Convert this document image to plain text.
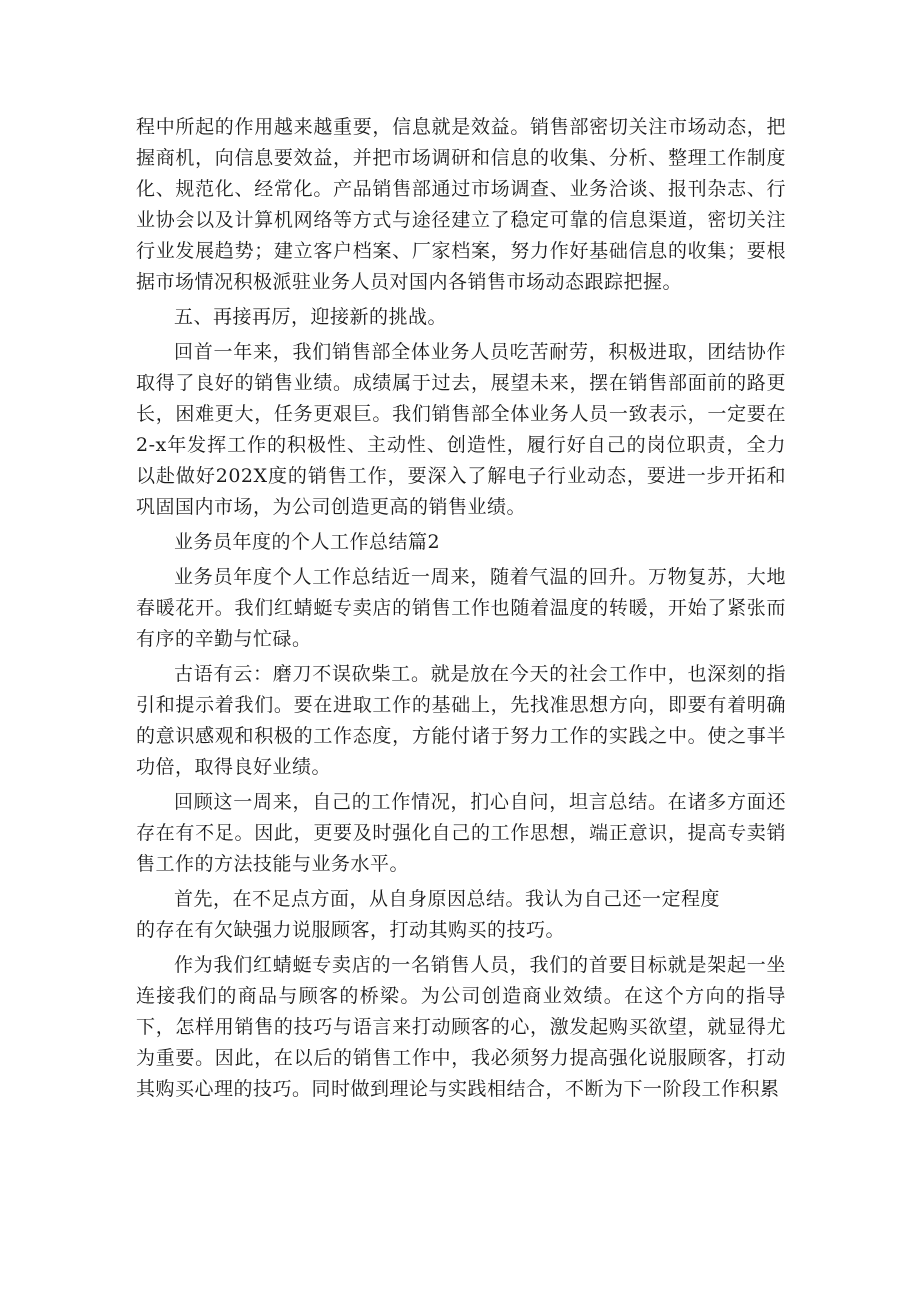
程中所起的作用越来越重要，信息就是效益。销售部密切关注市场动态，把握商机，向信息要效益，并把市场调研和信息的收集、分析、整理工作制度化、规范化、经常化。产品销售部通过市场调查、业务洽谈、报刊杂志、行业协会以及计算机网络等方式与途径建立了稳定可靠的信息渠道，密切关注行业发展趋势；建立客户档案、厂家档案，努力作好基础信息的收集；要根据市场情况积极派驻业务人员对国内各销售市场动态跟踪把握。

五、再接再厉，迎接新的挑战。

回首一年来，我们销售部全体业务人员吃苦耐劳，积极进取，团结协作取得了良好的销售业绩。成绩属于过去，展望未来，摆在销售部面前的路更长，困难更大，任务更艰巨。我们销售部全体业务人员一致表示，一定要在2-x年发挥工作的积极性、主动性、创造性，履行好自己的岗位职责，全力以赴做好202X度的销售工作，要深入了解电子行业动态，要进一步开拓和巩固国内市场，为公司创造更高的销售业绩。

业务员年度的个人工作总结篇2

业务员年度个人工作总结近一周来，随着气温的回升。万物复苏，大地春暖花开。我们红蜻蜓专卖店的销售工作也随着温度的转暖，开始了紧张而有序的辛勤与忙碌。

古语有云：磨刀不误砍柴工。就是放在今天的社会工作中，也深刻的指引和提示着我们。要在进取工作的基础上，先找准思想方向，即要有着明确的意识感观和积极的工作态度，方能付诸于努力工作的实践之中。使之事半功倍，取得良好业绩。

回顾这一周来，自己的工作情况，扪心自问，坦言总结。在诸多方面还存在有不足。因此，更要及时强化自己的工作思想，端正意识，提高专卖销售工作的方法技能与业务水平。

首先，在不足点方面，从自身原因总结。我认为自己还一定程度

的存在有欠缺强力说服顾客，打动其购买的技巧。

作为我们红蜻蜓专卖店的一名销售人员，我们的首要目标就是架起一坐连接我们的商品与顾客的桥梁。为公司创造商业效绩。在这个方向的指导下，怎样用销售的技巧与语言来打动顾客的心，激发起购买欲望，就显得尤为重要。因此，在以后的销售工作中，我必须努力提高强化说服顾客，打动其购买心理的技巧。同时做到理论与实践相结合，不断为下一阶段工作积累
